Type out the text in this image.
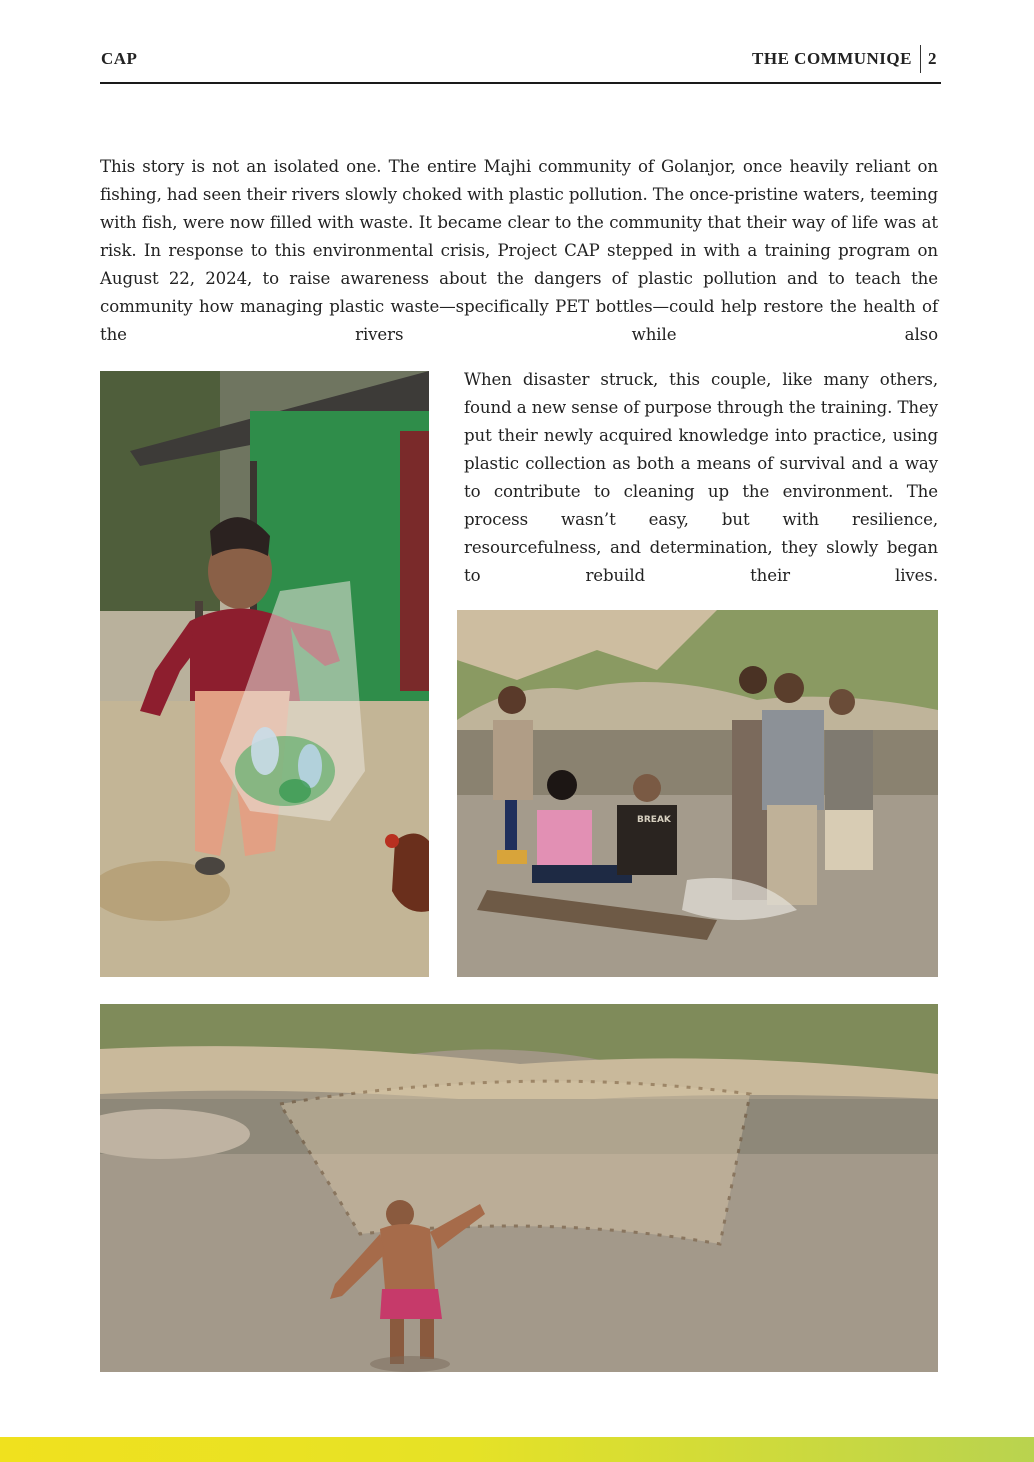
CAP	THE COMMUNIQE 2

This story is not an isolated one. The entire Majhi community of Golanjor, once heavily reliant on fishing, had seen their rivers slowly choked with plastic pollution. The once-pristine waters, teeming with fish, were now filled with waste. It became clear to the community that their way of life was at risk. In response to this environmental crisis, Project CAP stepped in with a training program on August 22, 2024, to raise awareness about the dangers of plastic pollution and to teach the community how managing plastic waste—specifically PET bottles—could help restore the health of the rivers while also

When disaster struck, this couple, like many others, found a new sense of purpose through the training. They put their newly acquired knowledge into practice, using plastic collection as both a means of survival and a way to contribute to cleaning up the environment. The process wasn’t easy, but with resilience, resourcefulness, and determination, they slowly began to rebuild their lives.

BREAK
